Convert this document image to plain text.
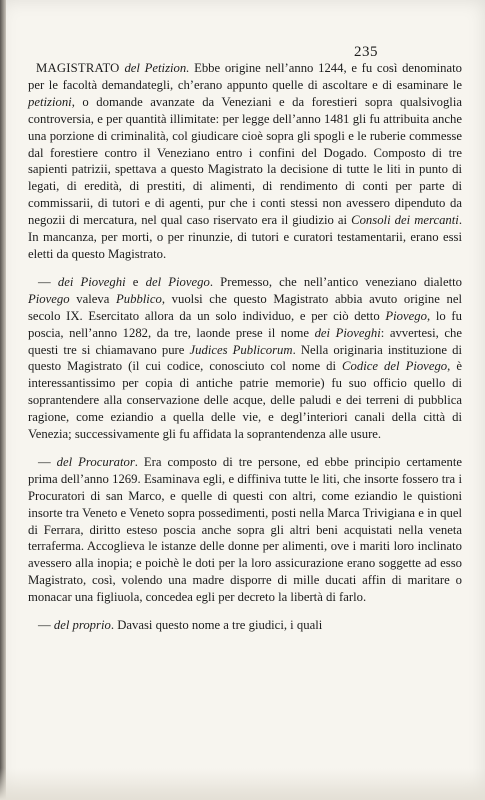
235

MAGISTRATO del Petizion. Ebbe origine nell’anno 1244, e fu così denominato per le facoltà demandategli, ch’erano appunto quelle di ascoltare e di esaminare le petizioni, o domande avanzate da Veneziani e da forestieri sopra qualsivoglia controversia, e per quantità illimitate: per legge dell’anno 1481 gli fu attribuita anche una porzione di criminalità, col giudicare cioè sopra gli spogli e le ruberie commesse dal forestiere contro il Veneziano entro i confini del Dogado. Composto di tre sapienti patrizii, spettava a questo Magistrato la decisione di tutte le liti in punto di legati, di eredità, di prestiti, di alimenti, di rendimento di conti per parte di commissarii, di tutori e di agenti, pur che i conti stessi non avessero dipenduto da negozii di mercatura, nel qual caso riservato era il giudizio ai Consoli dei mercanti. In mancanza, per morti, o per rinunzie, di tutori e curatori testamentarii, erano essi eletti da questo Magistrato.

— dei Pioveghi e del Piovego. Premesso, che nell’antico veneziano dialetto Piovego valeva Pubblico, vuolsi che questo Magistrato abbia avuto origine nel secolo IX. Esercitato allora da un solo individuo, e per ciò detto Piovego, lo fu poscia, nell’anno 1282, da tre, laonde prese il nome dei Pioveghi: avvertesi, che questi tre si chiamavano pure Judices Publicorum. Nella originaria instituzione di questo Magistrato (il cui codice, conosciuto col nome di Codice del Piovego, è interessantissimo per copia di antiche patrie memorie) fu suo officio quello di soprantendere alla conservazione delle acque, delle paludi e dei terreni di pubblica ragione, come eziandio a quella delle vie, e degl’interiori canali della città di Venezia; successivamente gli fu affidata la soprantendenza alle usure.

— del Procurator. Era composto di tre persone, ed ebbe principio certamente prima dell’anno 1269. Esaminava egli, e diffiniva tutte le liti, che insorte fossero tra i Procuratori di san Marco, e quelle di questi con altri, come eziandio le quistioni insorte tra Veneto e Veneto sopra possedimenti, posti nella Marca Trivigiana e in quel di Ferrara, diritto esteso poscia anche sopra gli altri beni acquistati nella veneta terraferma. Accoglieva le istanze delle donne per alimenti, ove i mariti loro inclinato avessero alla inopia; e poichè le doti per la loro assicurazione erano soggette ad esso Magistrato, così, volendo una madre disporre di mille ducati affin di maritare o monacar una figliuola, concedea egli per decreto la libertà di farlo.

— del proprio. Davasi questo nome a tre giudici, i quali
